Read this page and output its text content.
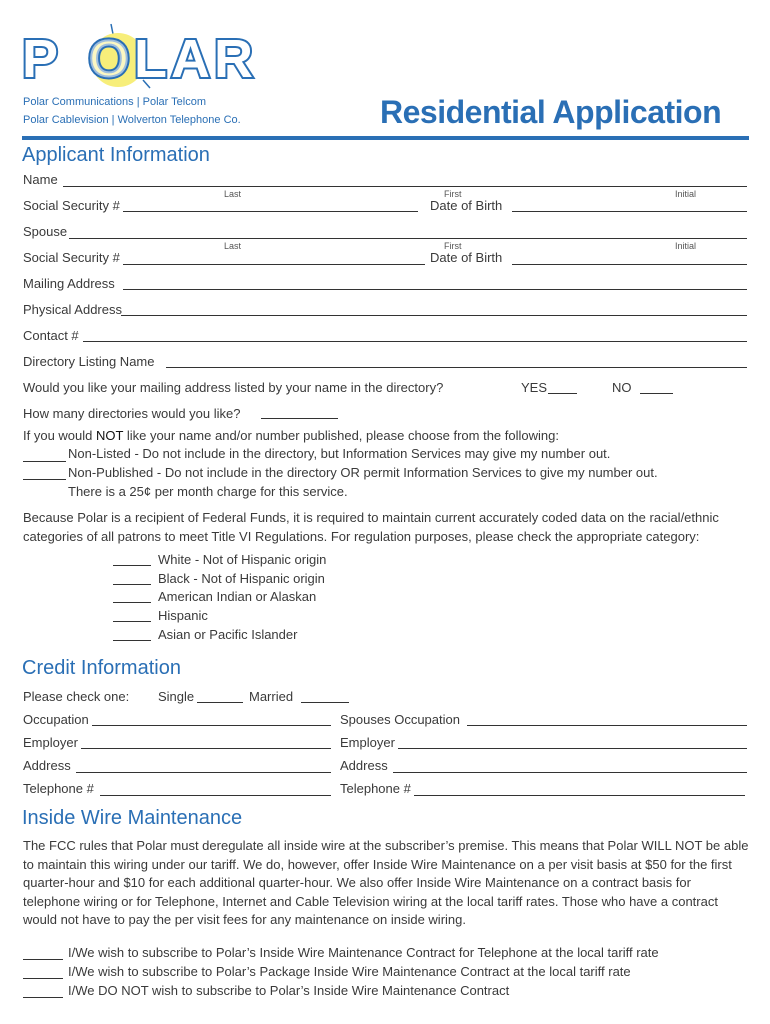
P O LAR
Polar Communications | Polar Telcom
Polar Cablevision | Wolverton Telephone Co.	Residential Application
Applicant Information
Name
Last	First	Initial
Social Security #	Date of Birth
Spouse
Last	First	Initial
Social Security #	Date of Birth
Mailing Address
Physical Address
Contact #
Directory Listing Name
Would you like your mailing address listed by your name in the directory?	YES	NO
How many directories would you like?
If you would NOT like your name and/or number published, please choose from the following:
Non-Listed - Do not include in the directory, but Information Services may give my number out.
Non-Published - Do not include in the directory OR permit Information Services to give my number out.
There is a 25¢ per month charge for this service.
Because Polar is a recipient of Federal Funds, it is required to maintain current accurately coded data on the racial/ethnic categories of all patrons to meet Title VI Regulations. For regulation purposes, please check the appropriate category:
White - Not of Hispanic origin
Black - Not of Hispanic origin
American Indian or Alaskan
Hispanic
Asian or Pacific Islander
Credit Information
Please check one: Single	Married
Occupation	Spouses Occupation
Employer	Employer
Address	Address
Telephone #	Telephone #
Inside Wire Maintenance
The FCC rules that Polar must deregulate all inside wire at the subscriber’s premise. This means that Polar WILL NOT be able to maintain this wiring under our tariff. We do, however, offer Inside Wire Maintenance on a per visit basis at $50 for the first quarter-hour and $10 for each additional quarter-hour. We also offer Inside Wire Maintenance on a contract basis for telephone wiring or for Telephone, Internet and Cable Television wiring at the local tariff rates. Those who have a contract would not have to pay the per visit fees for any maintenance on inside wiring.
I/We wish to subscribe to Polar’s Inside Wire Maintenance Contract for Telephone at the local tariff rate
I/We wish to subscribe to Polar’s Package Inside Wire Maintenance Contract at the local tariff rate
I/We DO NOT wish to subscribe to Polar’s Inside Wire Maintenance Contract
